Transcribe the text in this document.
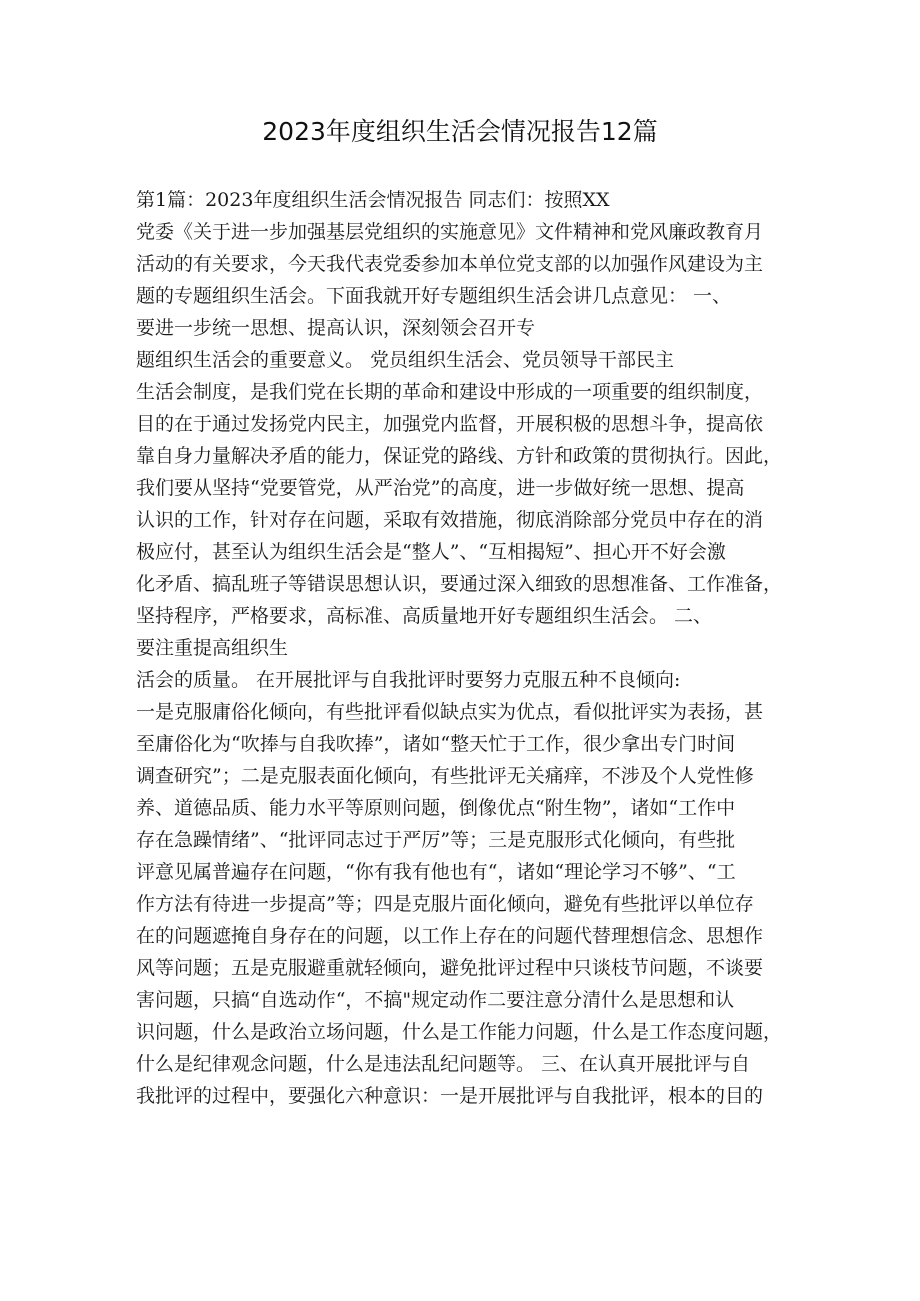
2023年度组织生活会情况报告12篇
第1篇：2023年度组织生活会情况报告 同志们：按照XX
党委《关于进一步加强基层党组织的实施意见》文件精神和党风廉政教育月
活动的有关要求，今天我代表党委参加本单位党支部的以加强作风建设为主
题的专题组织生活会。下面我就开好专题组织生活会讲几点意见： 一、
要进一步统一思想、提高认识，深刻领会召开专
题组织生活会的重要意义。 党员组织生活会、党员领导干部民主
生活会制度，是我们党在长期的革命和建设中形成的一项重要的组织制度，
目的在于通过发扬党内民主，加强党内监督，开展积极的思想斗争，提高依
靠自身力量解决矛盾的能力，保证党的路线、方针和政策的贯彻执行。因此，
我们要从坚持“党要管党，从严治党”的高度，进一步做好统一思想、提高
认识的工作，针对存在问题，采取有效措施，彻底消除部分党员中存在的消
极应付，甚至认为组织生活会是“整人”、“互相揭短”、担心开不好会激
化矛盾、搞乱班子等错误思想认识，要通过深入细致的思想准备、工作准备，
坚持程序，严格要求，高标准、高质量地开好专题组织生活会。 二、
要注重提高组织生
活会的质量。 在开展批评与自我批评时要努力克服五种不良倾向:
一是克服庸俗化倾向，有些批评看似缺点实为优点，看似批评实为表扬，甚
至庸俗化为“吹捧与自我吹捧”，诸如“整天忙于工作，很少拿出专门时间
调查研究”；二是克服表面化倾向，有些批评无关痛痒，不涉及个人党性修
养、道德品质、能力水平等原则问题，倒像优点“附生物”，诸如“工作中
存在急躁情绪”、“批评同志过于严厉”等；三是克服形式化倾向，有些批
评意见属普遍存在问题，“你有我有他也有“，诸如“理论学习不够”、“工
作方法有待进一步提高”等；四是克服片面化倾向，避免有些批评以单位存
在的问题遮掩自身存在的问题，以工作上存在的问题代替理想信念、思想作
风等问题；五是克服避重就轻倾向，避免批评过程中只谈枝节问题，不谈要
害问题，只搞“自选动作“，不搞"规定动作二要注意分清什么是思想和认
识问题，什么是政治立场问题，什么是工作能力问题，什么是工作态度问题，
什么是纪律观念问题，什么是违法乱纪问题等。 三、在认真开展批评与自
我批评的过程中，要强化六种意识：一是开展批评与自我批评，根本的目的
